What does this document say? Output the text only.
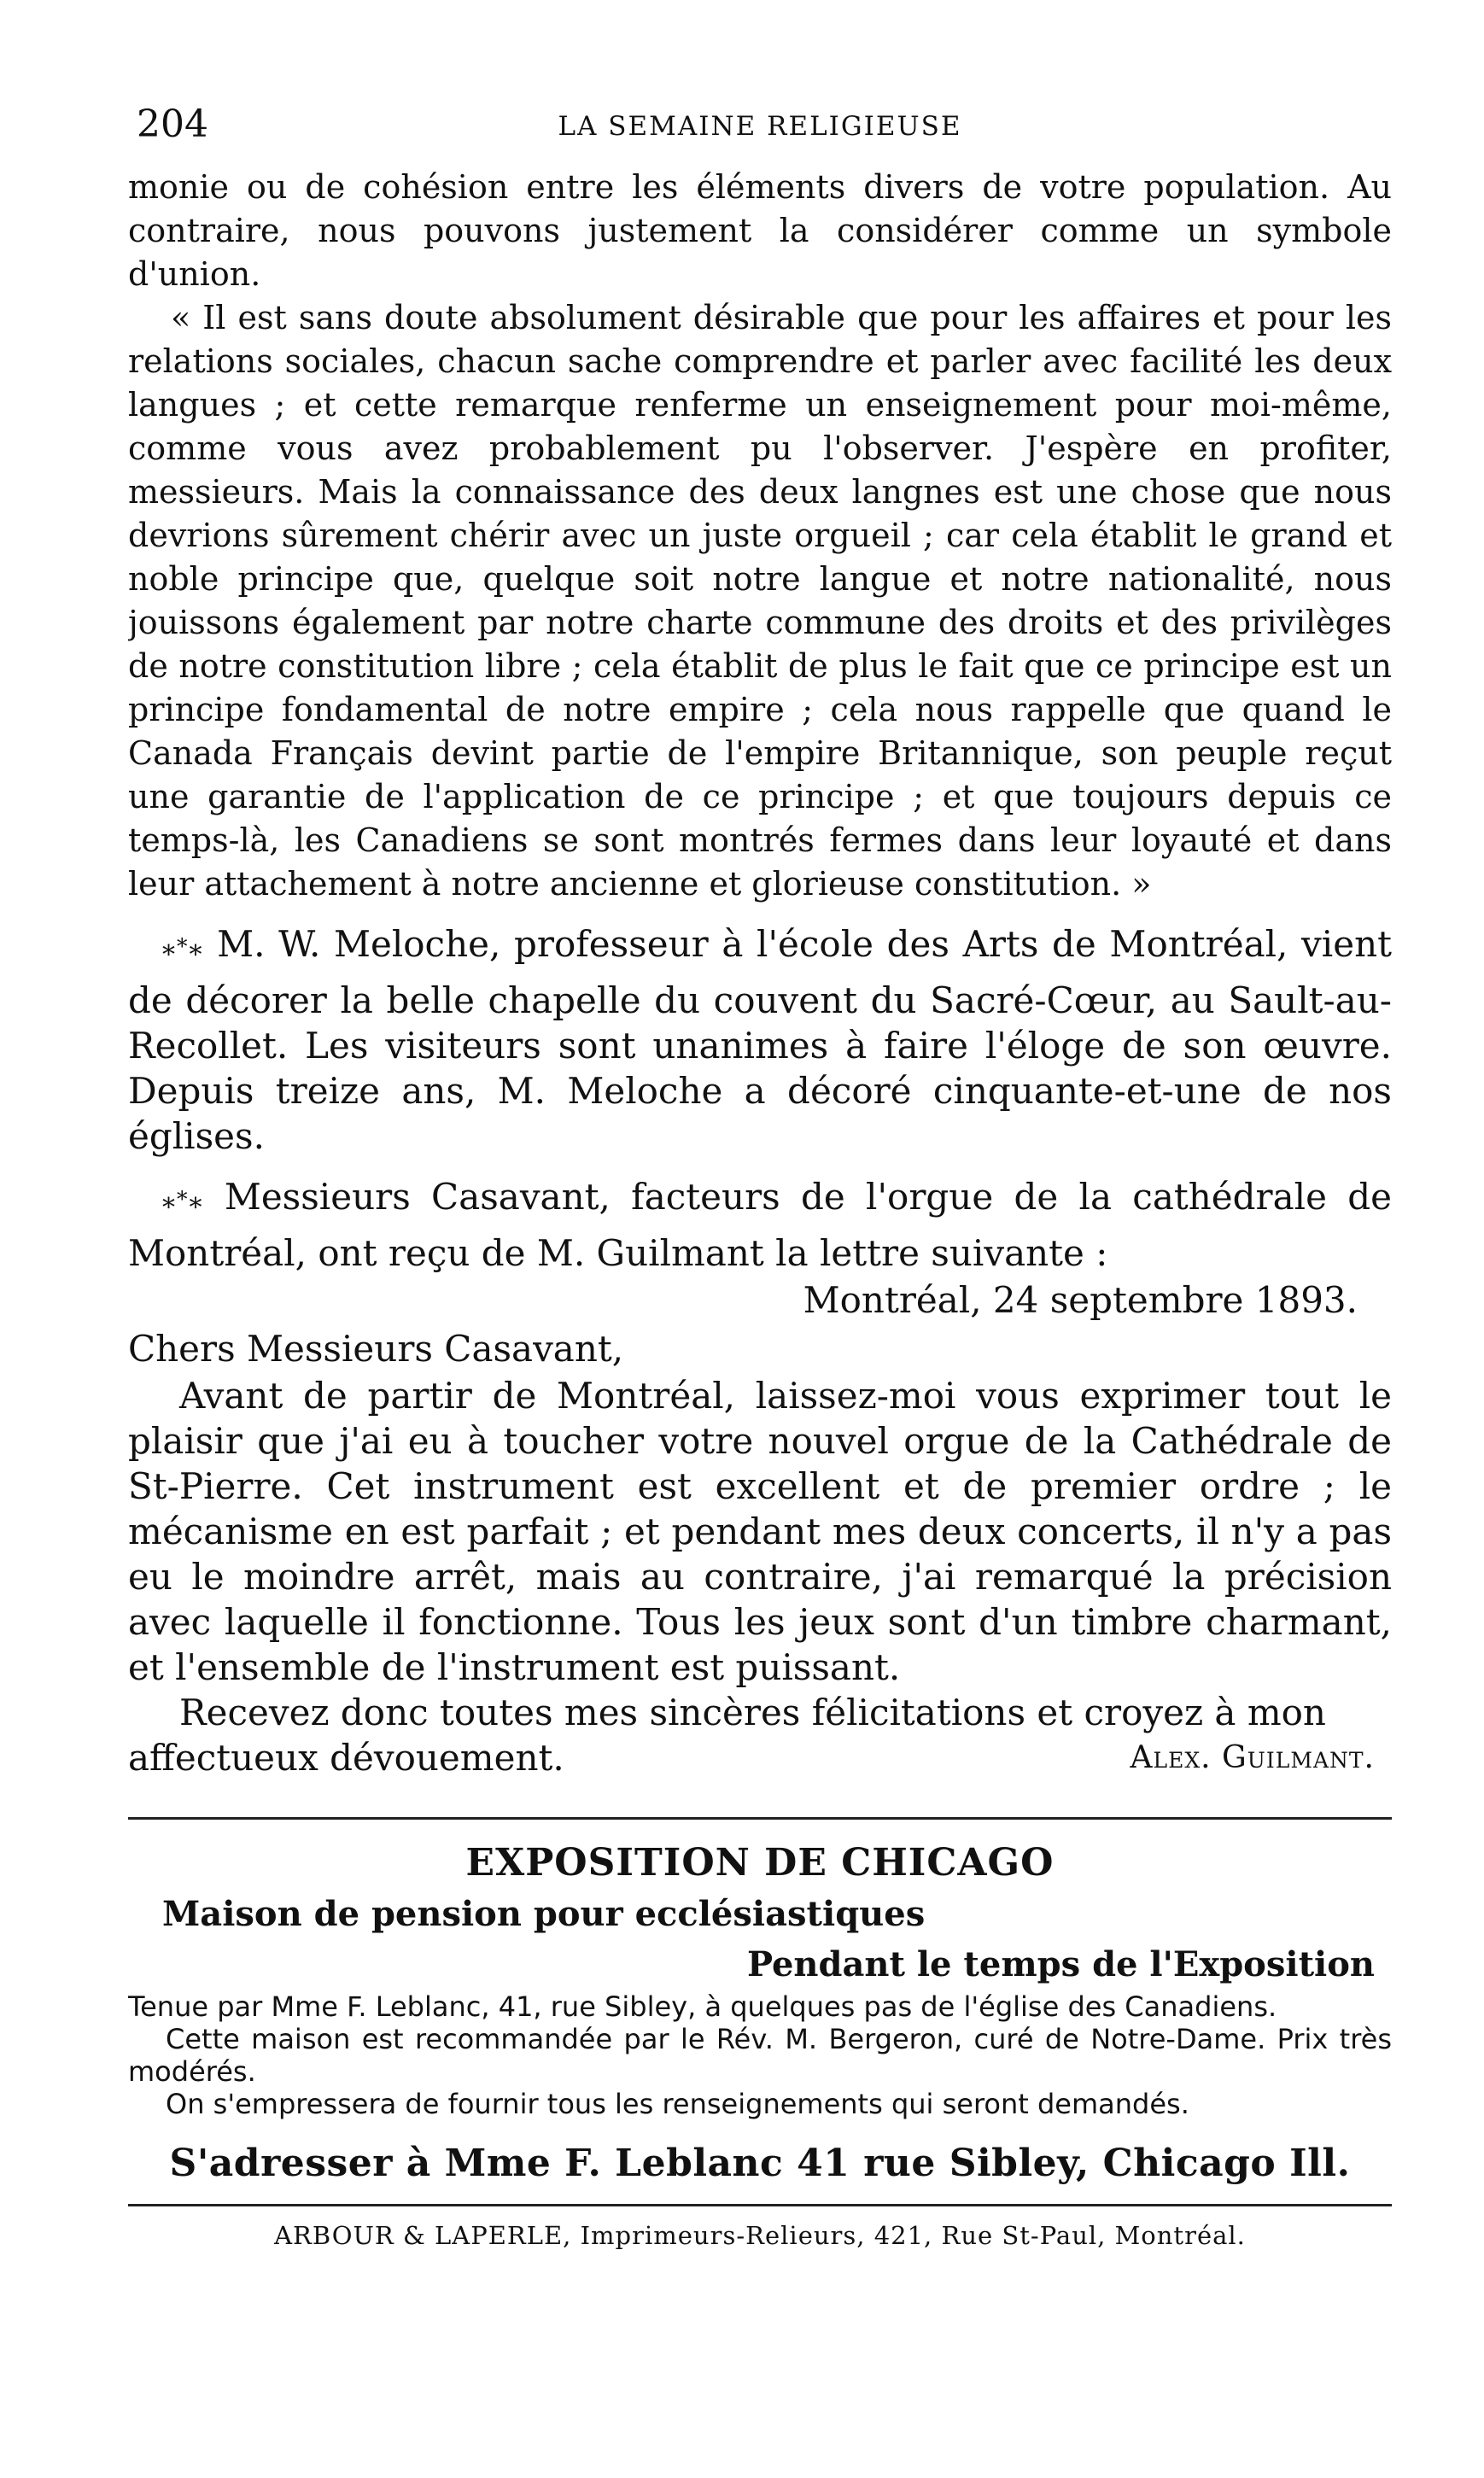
204	LA SEMAINE RELIGIEUSE

monie ou de cohésion entre les éléments divers de votre population. Au contraire, nous pouvons justement la considérer comme un symbole d'union.

« Il est sans doute absolument désirable que pour les affaires et pour les relations sociales, chacun sache comprendre et parler avec facilité les deux langues ; et cette remarque renferme un enseignement pour moi-même, comme vous avez probablement pu l'observer. J'espère en profiter, messieurs. Mais la connaissance des deux langnes est une chose que nous devrions sûrement chérir avec un juste orgueil ; car cela établit le grand et noble principe que, quelque soit notre langue et notre nationalité, nous jouissons également par notre charte commune des droits et des privilèges de notre constitution libre ; cela établit de plus le fait que ce principe est un principe fondamental de notre empire ; cela nous rappelle que quand le Canada Français devint partie de l'empire Britannique, son peuple reçut une garantie de l'application de ce principe ; et que toujours depuis ce temps-là, les Canadiens se sont montrés fermes dans leur loyauté et dans leur attachement à notre ancienne et glorieuse constitution. »

*** M. W. Meloche, professeur à l'école des Arts de Montréal, vient de décorer la belle chapelle du couvent du Sacré-Cœur, au Sault-au-Recollet. Les visiteurs sont unanimes à faire l'éloge de son œuvre. Depuis treize ans, M. Meloche a décoré cinquante-et-une de nos églises.

*** Messieurs Casavant, facteurs de l'orgue de la cathédrale de Montréal, ont reçu de M. Guilmant la lettre suivante :

Montréal, 24 septembre 1893.
Chers Messieurs Casavant,

Avant de partir de Montréal, laissez-moi vous exprimer tout le plaisir que j'ai eu à toucher votre nouvel orgue de la Cathédrale de St-Pierre. Cet instrument est excellent et de premier ordre ; le mécanisme en est parfait ; et pendant mes deux concerts, il n'y a pas eu le moindre arrêt, mais au contraire, j'ai remarqué la précision avec laquelle il fonctionne. Tous les jeux sont d'un timbre charmant, et l'ensemble de l'instrument est puissant.

Recevez donc toutes mes sincères félicitations et croyez à mon

affectueux dévouement.	Alex. Guilmant.
EXPOSITION DE CHICAGO
Maison de pension pour ecclésiastiques
Pendant le temps de l'Exposition

Tenue par Mme F. Leblanc, 41, rue Sibley, à quelques pas de l'église des Canadiens.

Cette maison est recommandée par le Rév. M. Bergeron, curé de Notre-Dame. Prix très modérés.

On s'empressera de fournir tous les renseignements qui seront demandés.

S'adresser à Mme F. Leblanc 41 rue Sibley, Chicago Ill.
ARBOUR & LAPERLE, Imprimeurs-Relieurs, 421, Rue St-Paul, Montréal.
